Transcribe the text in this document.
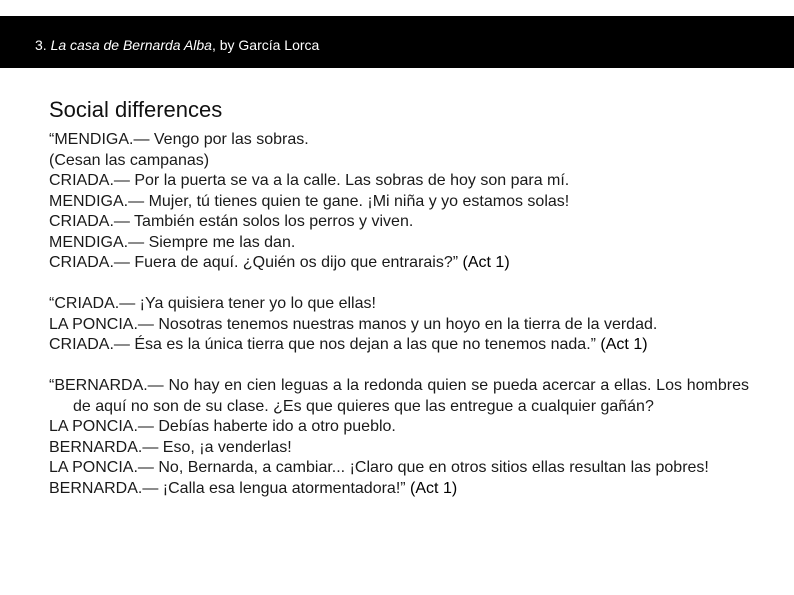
3. La casa de Bernarda Alba, by García Lorca
Social differences
“MENDIGA.— Vengo por las sobras.
(Cesan las campanas)
CRIADA.— Por la puerta se va a la calle. Las sobras de hoy son para mí.
MENDIGA.— Mujer, tú tienes quien te gane. ¡Mi niña y yo estamos solas!
CRIADA.— También están solos los perros y viven.
MENDIGA.— Siempre me las dan.
CRIADA.— Fuera de aquí. ¿Quién os dijo que entrarais?” (Act 1)
“CRIADA.— ¡Ya quisiera tener yo lo que ellas!
LA PONCIA.— Nosotras tenemos nuestras manos y un hoyo en la tierra de la verdad.
CRIADA.— Ésa es la única tierra que nos dejan a las que no tenemos nada.” (Act 1)
“BERNARDA.— No hay en cien leguas a la redonda quien se pueda acercar a ellas. Los hombres de aquí no son de su clase. ¿Es que quieres que las entregue a cualquier gañán?
LA PONCIA.— Debías haberte ido a otro pueblo.
BERNARDA.— Eso, ¡a venderlas!
LA PONCIA.— No, Bernarda, a cambiar... ¡Claro que en otros sitios ellas resultan las pobres!
BERNARDA.— ¡Calla esa lengua atormentadora!” (Act 1)
